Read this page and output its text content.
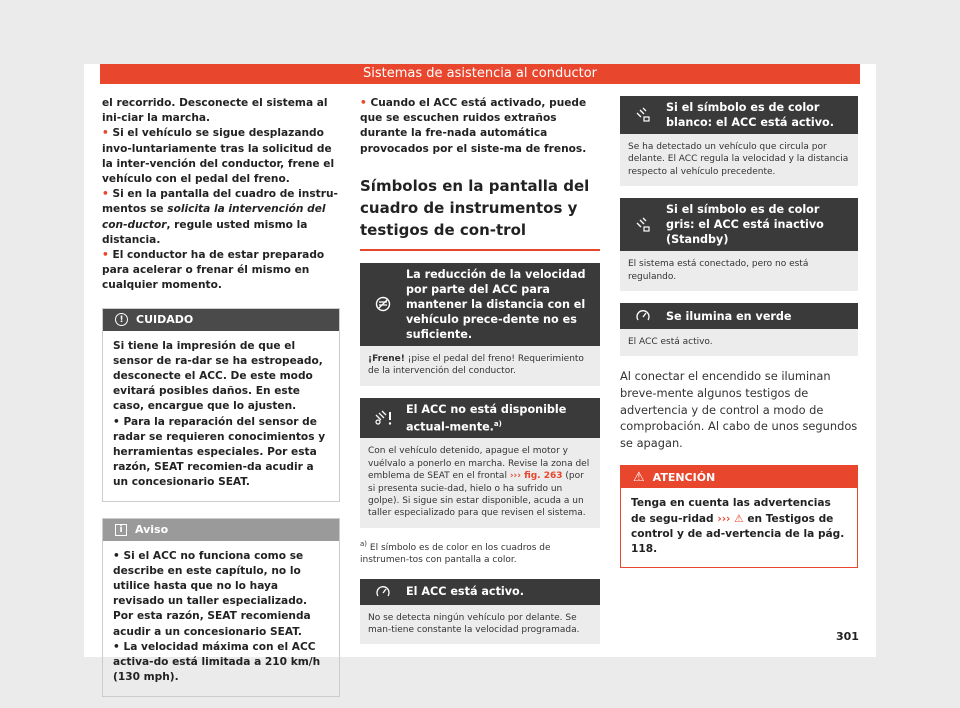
Sistemas de asistencia al conductor
el recorrido. Desconecte el sistema al ini-ciar la marcha.
• Si el vehículo se sigue desplazando invo-luntariamente tras la solicitud de la inter-vención del conductor, frene el vehículo con el pedal del freno.
• Si en la pantalla del cuadro de instru-mentos se solicita la intervención del con-ductor, regule usted mismo la distancia.
• El conductor ha de estar preparado para acelerar o frenar él mismo en cualquier momento.
!	CUIDADO
Si tiene la impresión de que el sensor de ra-dar se ha estropeado, desconecte el ACC. De este modo evitará posibles daños. En este caso, encargue que lo ajusten.
• Para la reparación del sensor de radar se requieren conocimientos y herramientas especiales. Por esta razón, SEAT recomien-da acudir a un concesionario SEAT.
i	Aviso
• Si el ACC no funciona como se describe en este capítulo, no lo utilice hasta que no lo haya revisado un taller especializado. Por esta razón, SEAT recomienda acudir a un concesionario SEAT.
• La velocidad máxima con el ACC activa-do está limitada a 210 km/h (130 mph).
• Cuando el ACC está activado, puede que se escuchen ruidos extraños durante la fre-nada automática provocados por el siste-ma de frenos.
Símbolos en la pantalla del cuadro de instrumentos y testigos de con-trol
La reducción de la velocidad por parte del ACC para mantener la distancia con el vehículo prece-dente no es suficiente.
¡Frene! ¡pise el pedal del freno! Requerimiento de la intervención del conductor.
El ACC no está disponible actual-mente.$^{a)}$
Con el vehículo detenido, apague el motor y vuélvalo a ponerlo en marcha. Revise la zona del emblema de SEAT en el frontal ››› fig. 263 (por si presenta sucie-dad, hielo o ha sufrido un golpe). Si sigue sin estar disponible, acuda a un taller especializado para que revisen el sistema.
$^{a)}$ El símbolo es de color en los cuadros de instrumen-tos con pantalla a color.
El ACC está activo.
No se detecta ningún vehículo por delante. Se man-tiene constante la velocidad programada.
Si el símbolo es de color blanco: el ACC está activo.
Se ha detectado un vehículo que circula por delante. El ACC regula la velocidad y la distancia respecto al vehículo precedente.
Si el símbolo es de color gris: el ACC está inactivo (Standby)
El sistema está conectado, pero no está regulando.
Se ilumina en verde
El ACC está activo.
Al conectar el encendido se iluminan breve-mente algunos testigos de advertencia y de control a modo de comprobación. Al cabo de unos segundos se apagan.
⚠ ATENCIÓN
Tenga en cuenta las advertencias de segu-ridad ››› ⚠ en Testigos de control y de ad-vertencia de la pág. 118.
301
